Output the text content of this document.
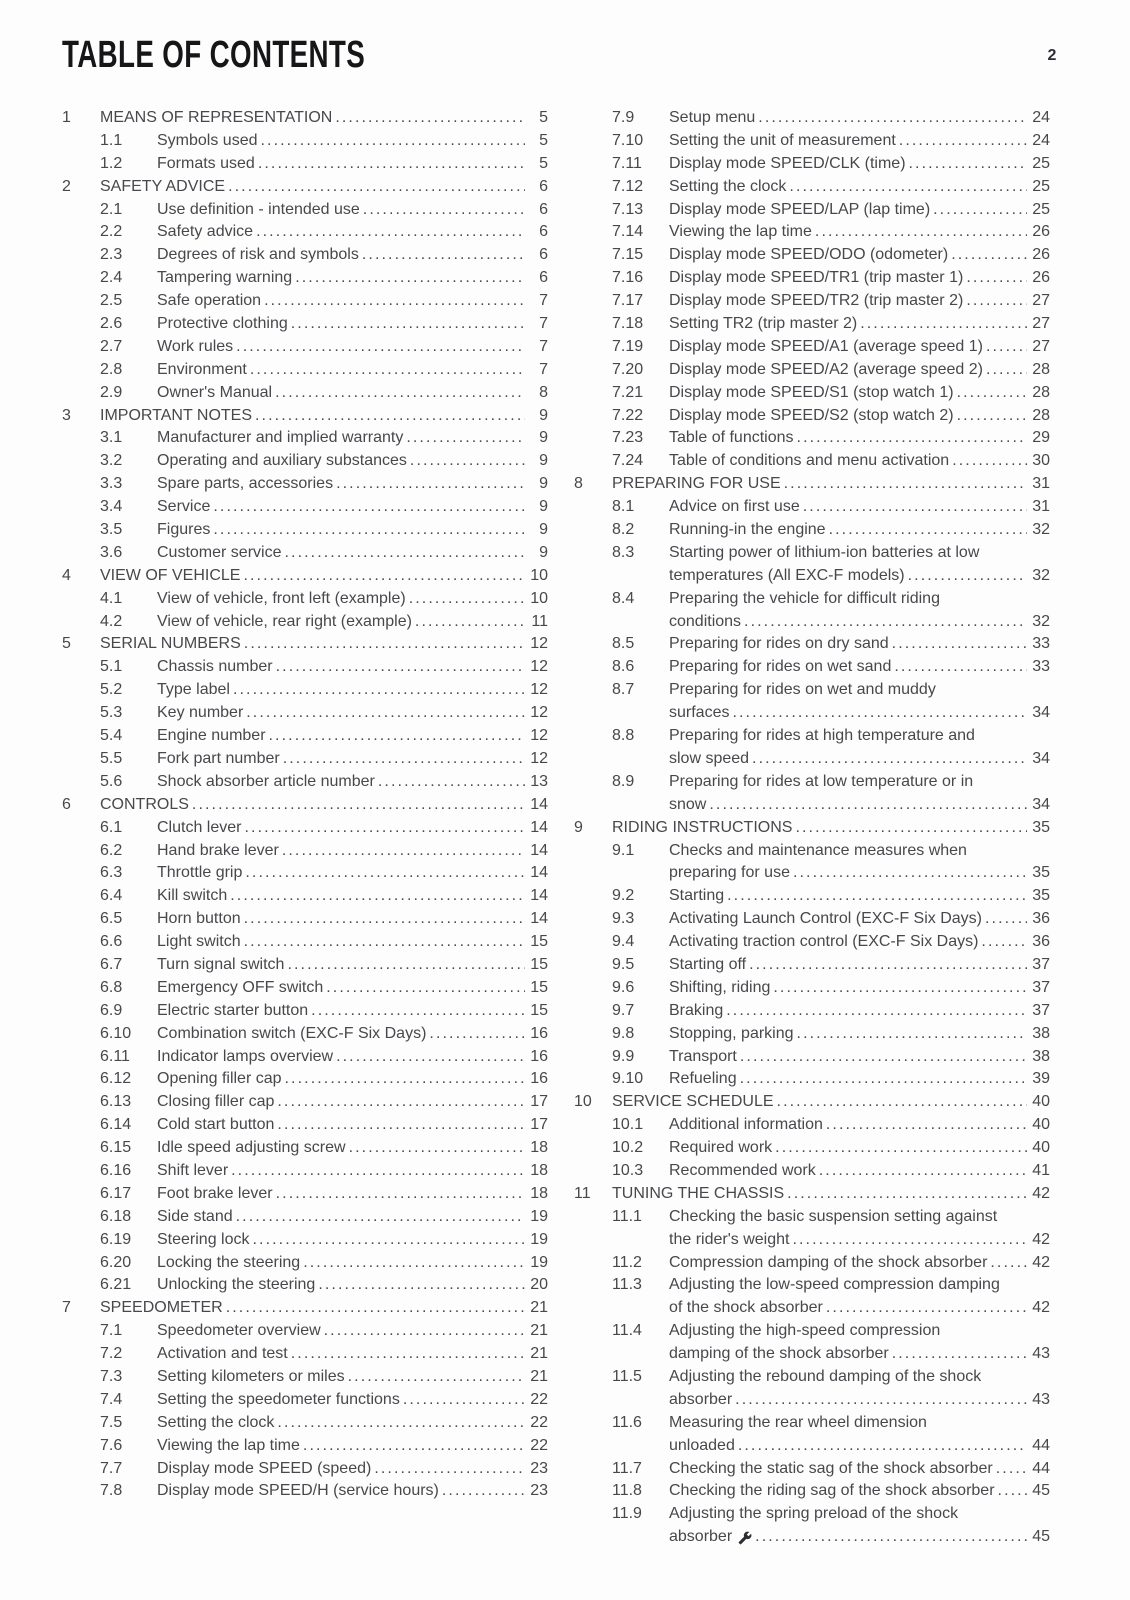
TABLE OF CONTENTS	2
1	MEANS OF REPRESENTATION .....	5
1.1	Symbols used .....	5
1.2	Formats used .....	5
2	SAFETY ADVICE .....	6
2.1	Use definition - intended use .....	6
2.2	Safety advice .....	6
2.3	Degrees of risk and symbols .....	6
2.4	Tampering warning .....	6
2.5	Safe operation .....	7
2.6	Protective clothing .....	7
2.7	Work rules .....	7
2.8	Environment .....	7
2.9	Owner's Manual .....	8
3	IMPORTANT NOTES .....	9
3.1	Manufacturer and implied warranty .....	9
3.2	Operating and auxiliary substances .....	9
3.3	Spare parts, accessories .....	9
3.4	Service .....	9
3.5	Figures .....	9
3.6	Customer service .....	9
4	VIEW OF VEHICLE .....	10
4.1	View of vehicle, front left (example) .....	10
4.2	View of vehicle, rear right (example) .....	11
5	SERIAL NUMBERS .....	12
5.1	Chassis number .....	12
5.2	Type label .....	12
5.3	Key number .....	12
5.4	Engine number .....	12
5.5	Fork part number .....	12
5.6	Shock absorber article number .....	13
6	CONTROLS .....	14
6.1	Clutch lever .....	14
6.2	Hand brake lever .....	14
6.3	Throttle grip .....	14
6.4	Kill switch .....	14
6.5	Horn button .....	14
6.6	Light switch .....	15
6.7	Turn signal switch .....	15
6.8	Emergency OFF switch .....	15
6.9	Electric starter button .....	15
6.10	Combination switch (EXC-F Six Days) .....	16
6.11	Indicator lamps overview .....	16
6.12	Opening filler cap .....	16
6.13	Closing filler cap .....	17
6.14	Cold start button .....	17
6.15	Idle speed adjusting screw .....	18
6.16	Shift lever .....	18
6.17	Foot brake lever .....	18
6.18	Side stand .....	19
6.19	Steering lock .....	19
6.20	Locking the steering .....	19
6.21	Unlocking the steering .....	20
7	SPEEDOMETER .....	21
7.1	Speedometer overview .....	21
7.2	Activation and test .....	21
7.3	Setting kilometers or miles .....	21
7.4	Setting the speedometer functions .....	22
7.5	Setting the clock .....	22
7.6	Viewing the lap time .....	22
7.7	Display mode SPEED (speed) .....	23
7.8	Display mode SPEED/H (service hours) .....	23
7.9	Setup menu .....	24
7.10	Setting the unit of measurement .....	24
7.11	Display mode SPEED/CLK (time) .....	25
7.12	Setting the clock .....	25
7.13	Display mode SPEED/LAP (lap time) .....	25
7.14	Viewing the lap time .....	26
7.15	Display mode SPEED/ODO (odometer) .....	26
7.16	Display mode SPEED/TR1 (trip master 1) .....	26
7.17	Display mode SPEED/TR2 (trip master 2) .....	27
7.18	Setting TR2 (trip master 2) .....	27
7.19	Display mode SPEED/A1 (average speed 1) .....	27
7.20	Display mode SPEED/A2 (average speed 2) .....	28
7.21	Display mode SPEED/S1 (stop watch 1) .....	28
7.22	Display mode SPEED/S2 (stop watch 2) .....	28
7.23	Table of functions .....	29
7.24	Table of conditions and menu activation .....	30
8	PREPARING FOR USE .....	31
8.1	Advice on first use .....	31
8.2	Running-in the engine .....	32
8.3	Starting power of lithium-ion batteries at low
temperatures (All EXC-F models) .....	32
8.4	Preparing the vehicle for difficult riding
conditions .....	32
8.5	Preparing for rides on dry sand .....	33
8.6	Preparing for rides on wet sand .....	33
8.7	Preparing for rides on wet and muddy
surfaces .....	34
8.8	Preparing for rides at high temperature and
slow speed .....	34
8.9	Preparing for rides at low temperature or in
snow .....	34
9	RIDING INSTRUCTIONS .....	35
9.1	Checks and maintenance measures when
preparing for use .....	35
9.2	Starting .....	35
9.3	Activating Launch Control (EXC-F Six Days) .....	36
9.4	Activating traction control (EXC-F Six Days) .....	36
9.5	Starting off .....	37
9.6	Shifting, riding .....	37
9.7	Braking .....	37
9.8	Stopping, parking .....	38
9.9	Transport .....	38
9.10	Refueling .....	39
10	SERVICE SCHEDULE .....	40
10.1	Additional information .....	40
10.2	Required work .....	40
10.3	Recommended work .....	41
11	TUNING THE CHASSIS .....	42
11.1	Checking the basic suspension setting against
the rider's weight .....	42
11.2	Compression damping of the shock absorber .....	42
11.3	Adjusting the low-speed compression damping
of the shock absorber .....	42
11.4	Adjusting the high-speed compression
damping of the shock absorber .....	43
11.5	Adjusting the rebound damping of the shock
absorber .....	43
11.6	Measuring the rear wheel dimension
unloaded .....	44
11.7	Checking the static sag of the shock absorber ..... 44
11.8	Checking the riding sag of the shock absorber ..... 45
11.9	Adjusting the spring preload of the shock
absorber .....	45
